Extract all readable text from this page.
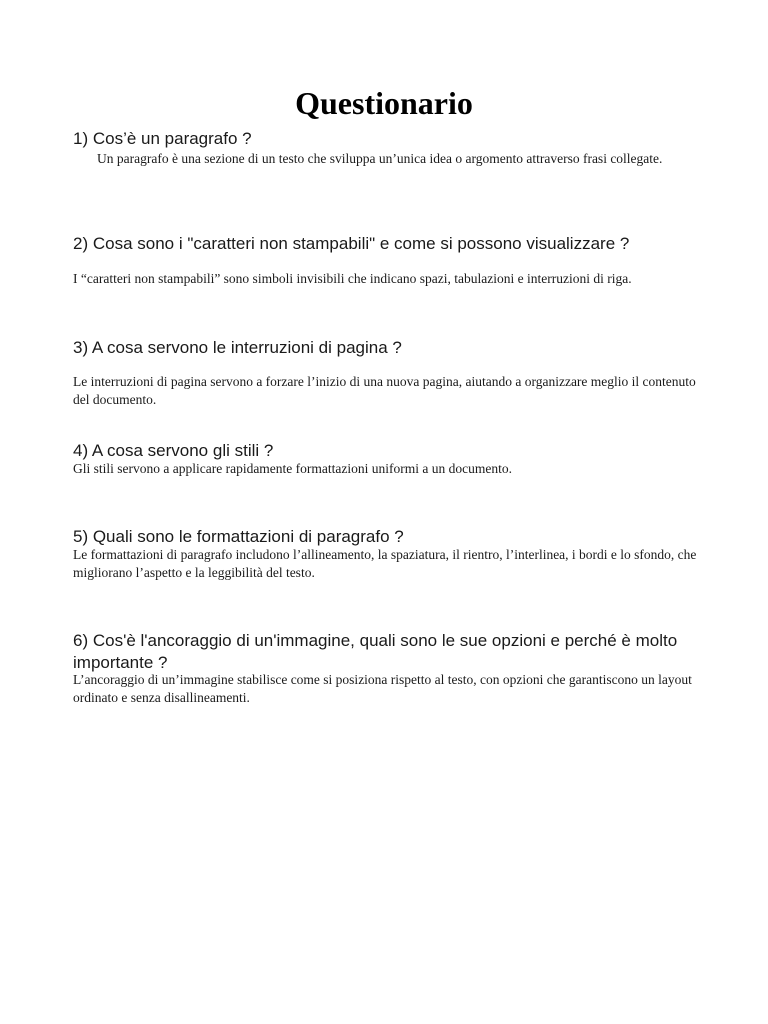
Questionario
1) Cos’è un paragrafo ?
Un paragrafo è una sezione di un testo che sviluppa un’unica idea o argomento attraverso frasi collegate.
2) Cosa sono i "caratteri non stampabili" e come si possono visualizzare ?
I “caratteri non stampabili” sono simboli invisibili che indicano spazi, tabulazioni e interruzioni di riga.
3) A cosa servono le interruzioni di pagina ?
Le interruzioni di pagina servono a forzare l’inizio di una nuova pagina, aiutando a organizzare meglio il contenuto del documento.
4) A cosa servono gli stili ?
Gli stili servono a applicare rapidamente formattazioni uniformi a un documento.
5) Quali sono le formattazioni di paragrafo ?
Le formattazioni di paragrafo includono l’allineamento, la spaziatura, il rientro, l’interlinea, i bordi e lo sfondo, che migliorano l’aspetto e la leggibilità del testo.
6) Cos'è l'ancoraggio di un'immagine, quali sono le sue opzioni e perché è molto importante ?
L’ancoraggio di un’immagine stabilisce come si posiziona rispetto al testo, con opzioni che garantiscono un layout ordinato e senza disallineamenti.
